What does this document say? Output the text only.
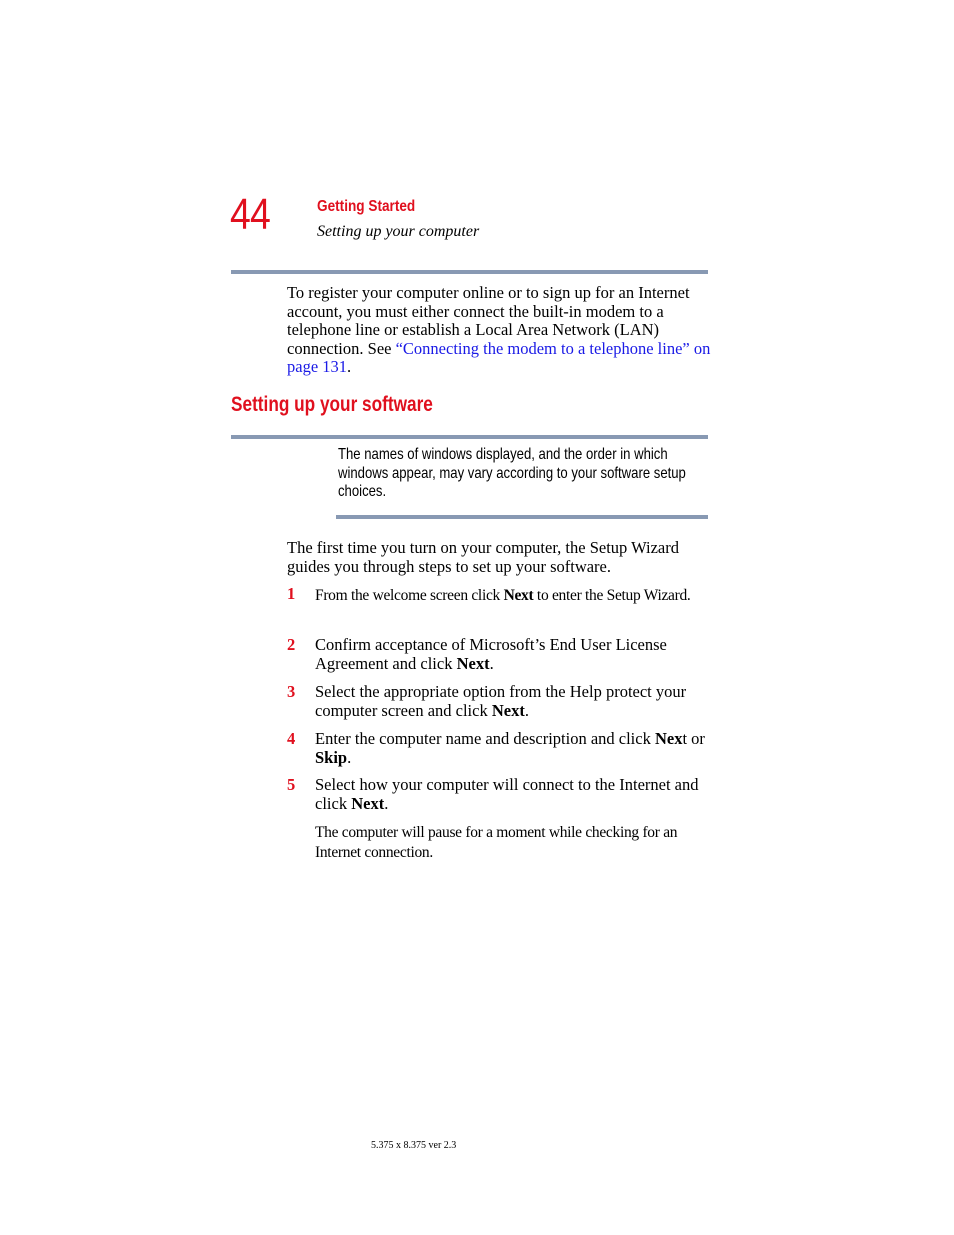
44	Getting Started
Setting up your computer

To register your computer online or to sign up for an Internet account, you must either connect the built-in modem to a telephone line or establish a Local Area Network (LAN) connection. See “Connecting the modem to a telephone line” on page 131.

Setting up your software
The names of windows displayed, and the order in which windows appear, may vary according to your software setup choices.

The first time you turn on your computer, the Setup Wizard guides you through steps to set up your software.

1	From the welcome screen click Next to enter the Setup Wizard.
2	Confirm acceptance of Microsoft’s End User License Agreement and click Next.
3	Select the appropriate option from the Help protect your computer screen and click Next.
4	Enter the computer name and description and click Next or Skip.
5	Select how your computer will connect to the Internet and click Next.

The computer will pause for a moment while checking for an Internet connection.

5.375 x 8.375 ver 2.3
